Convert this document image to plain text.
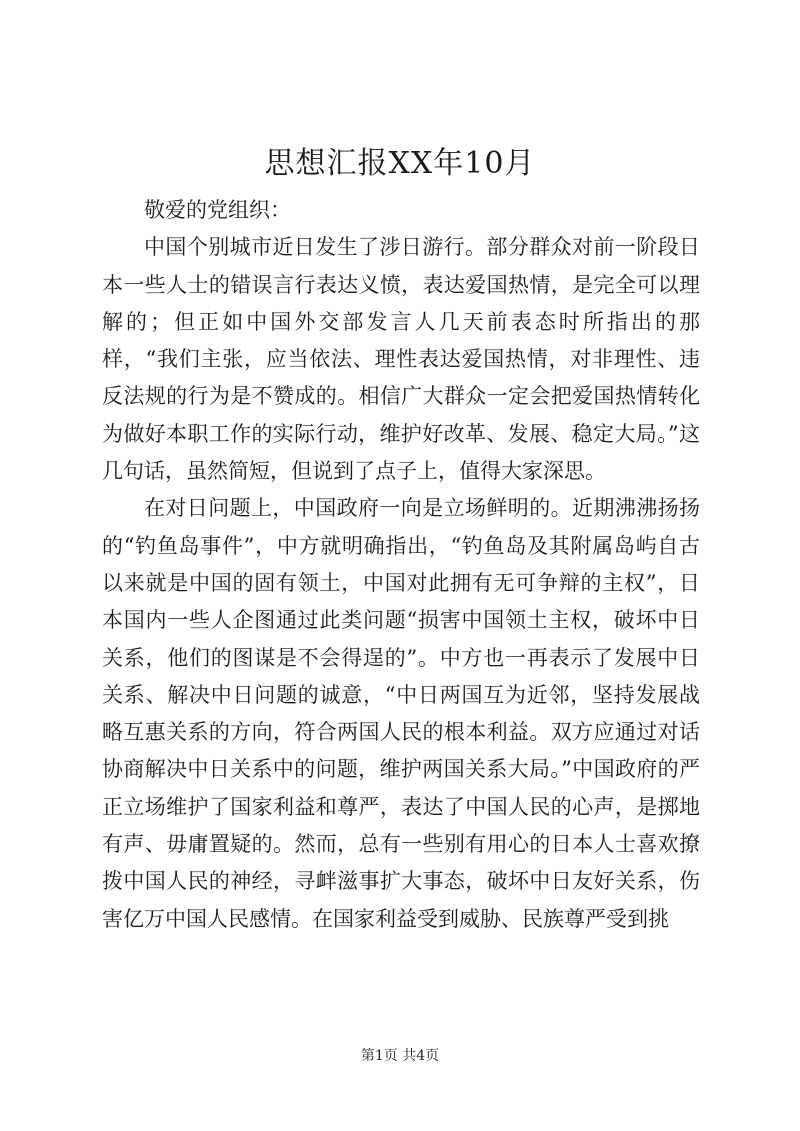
思想汇报XX年10月

敬爱的党组织：

中国个别城市近日发生了涉日游行。部分群众对前一阶段日本一些人士的错误言行表达义愤，表达爱国热情，是完全可以理解的；但正如中国外交部发言人几天前表态时所指出的那样，“我们主张，应当依法、理性表达爱国热情，对非理性、违反法规的行为是不赞成的。相信广大群众一定会把爱国热情转化为做好本职工作的实际行动，维护好改革、发展、稳定大局。”这几句话，虽然简短，但说到了点子上，值得大家深思。

在对日问题上，中国政府一向是立场鲜明的。近期沸沸扬扬的“钓鱼岛事件”，中方就明确指出，“钓鱼岛及其附属岛屿自古以来就是中国的固有领土，中国对此拥有无可争辩的主权”，日本国内一些人企图通过此类问题“损害中国领土主权，破坏中日关系，他们的图谋是不会得逞的”。中方也一再表示了发展中日关系、解决中日问题的诚意，“中日两国互为近邻，坚持发展战略互惠关系的方向，符合两国人民的根本利益。双方应通过对话协商解决中日关系中的问题，维护两国关系大局。”中国政府的严正立场维护了国家利益和尊严，表达了中国人民的心声，是掷地有声、毋庸置疑的。然而，总有一些别有用心的日本人士喜欢撩拨中国人民的神经，寻衅滋事扩大事态，破坏中日友好关系，伤害亿万中国人民感情。在国家利益受到威胁、民族尊严受到挑

第1页 共4页
